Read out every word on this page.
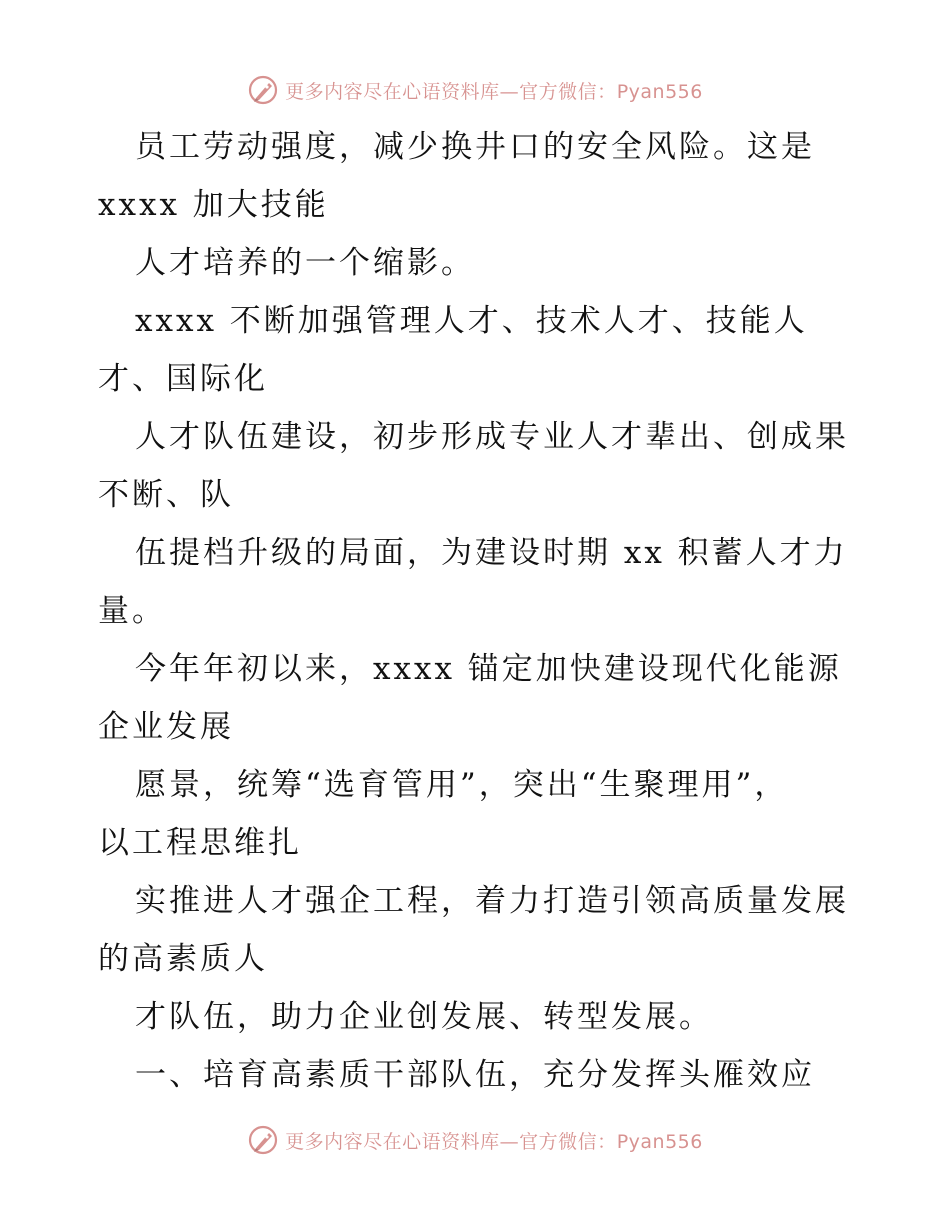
更多内容尽在心语资料库—官方微信：Pyan556
员工劳动强度，减少换井口的安全风险。这是
xxxx 加大技能
人才培养的一个缩影。
xxxx 不断加强管理人才、技术人才、技能人
才、国际化
人才队伍建设，初步形成专业人才辈出、创成果
不断、队
伍提档升级的局面，为建设时期 xx 积蓄人才力
量。
今年年初以来，xxxx 锚定加快建设现代化能源
企业发展
愿景，统筹“选育管用”，突出“生聚理用”，
以工程思维扎
实推进人才强企工程，着力打造引领高质量发展
的高素质人
才队伍，助力企业创发展、转型发展。
一、培育高素质干部队伍，充分发挥头雁效应
更多内容尽在心语资料库—官方微信：Pyan556
